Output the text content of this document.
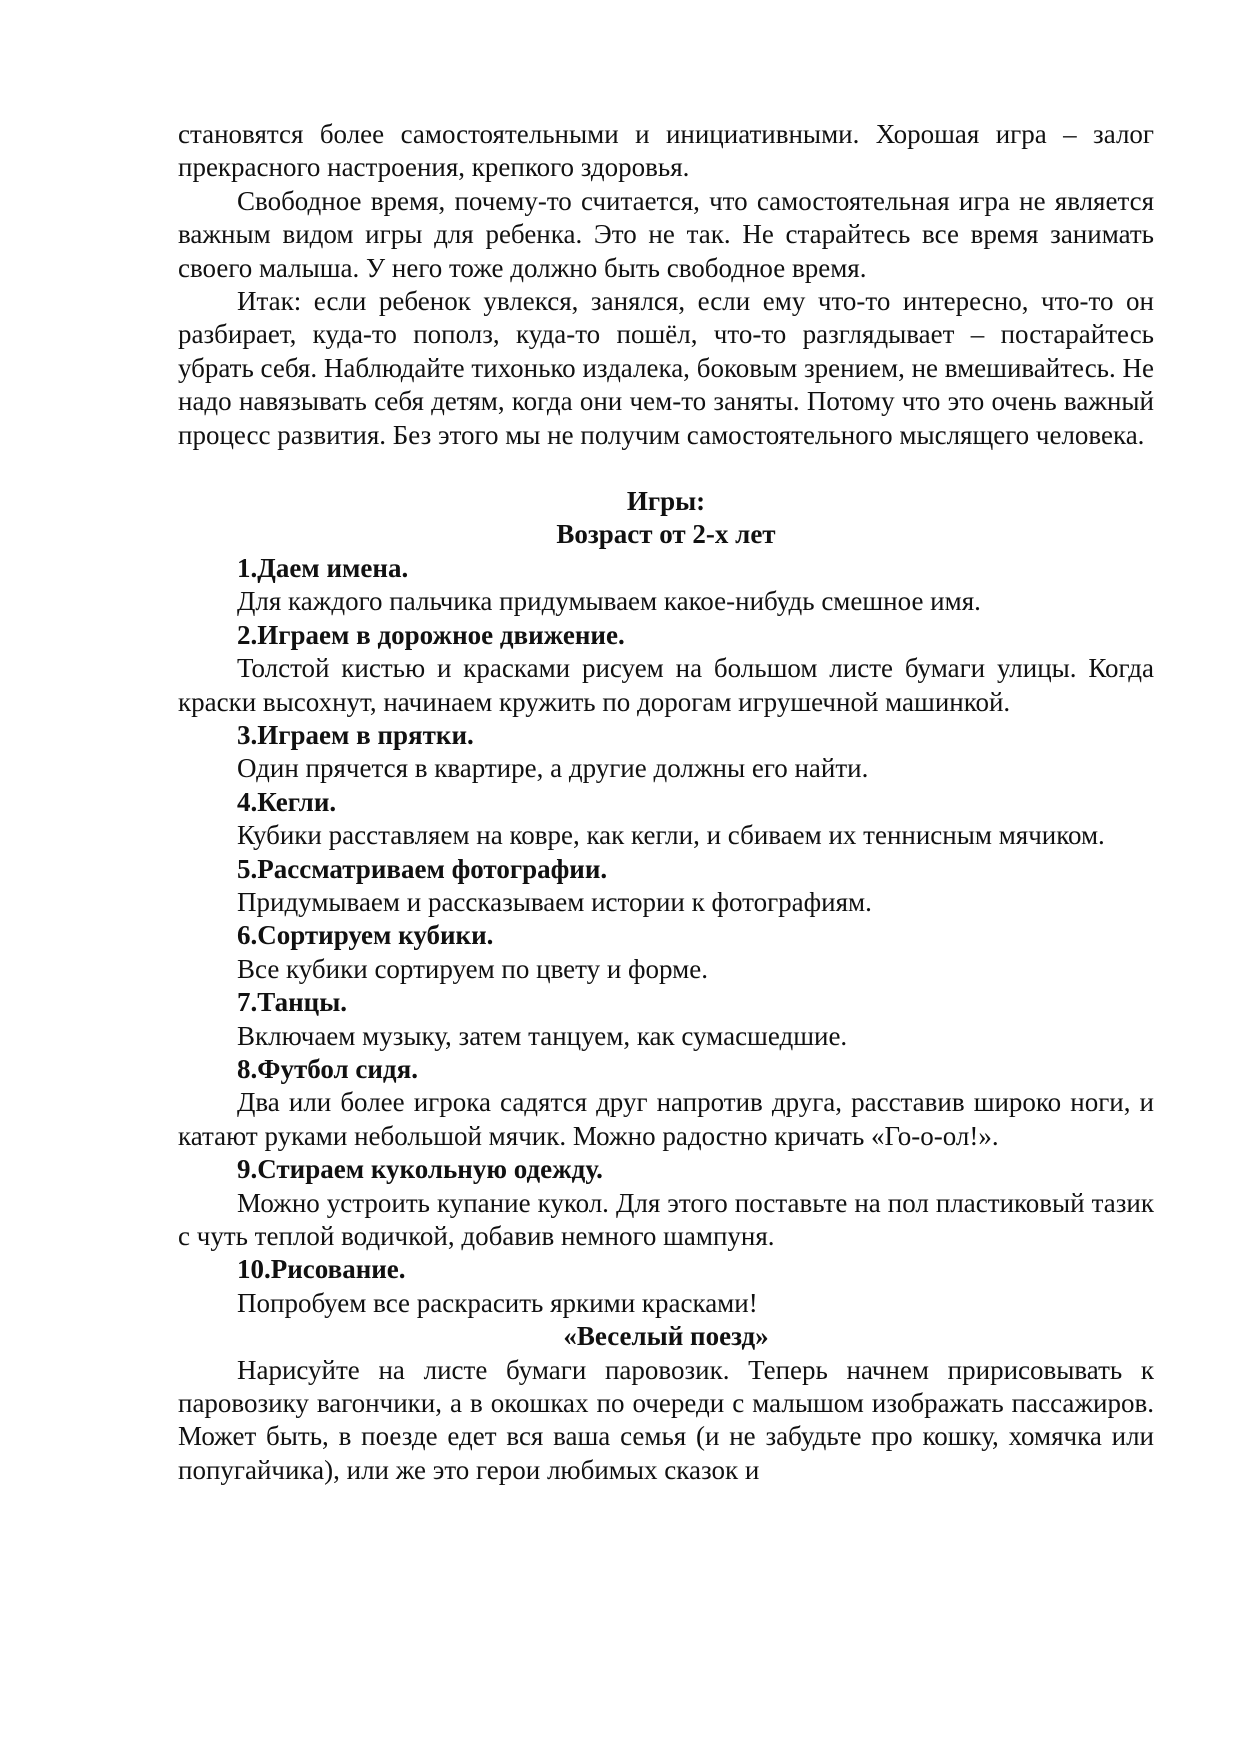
становятся более самостоятельными и инициативными. Хорошая игра – залог прекрасного настроения, крепкого здоровья.

Свободное время, почему-то считается, что самостоятельная игра не является важным видом игры для ребенка. Это не так. Не старайтесь все время занимать своего малыша. У него тоже должно быть свободное время.

Итак: если ребенок увлекся, занялся, если ему что-то интересно, что-то он разбирает, куда-то пополз, куда-то пошёл, что-то разглядывает – постарайтесь убрать себя. Наблюдайте тихонько издалека, боковым зрением, не вмешивайтесь. Не надо навязывать себя детям, когда они чем-то заняты. Потому что это очень важный процесс развития. Без этого мы не получим самостоятельного мыслящего человека.

Игры:

Возраст от 2-х лет

1.Даем имена.

Для каждого пальчика придумываем какое-нибудь смешное имя.

2.Играем в дорожное движение.

Толстой кистью и красками рисуем на большом листе бумаги улицы. Когда краски высохнут, начинаем кружить по дорогам игрушечной машинкой.

3.Играем в прятки.

Один прячется в квартире, а другие должны его найти.

4.Кегли.

Кубики расставляем на ковре, как кегли, и сбиваем их теннисным мячиком.

5.Рассматриваем фотографии.

Придумываем и рассказываем истории к фотографиям.

6.Сортируем кубики.

Все кубики сортируем по цвету и форме.

7.Танцы.

Включаем музыку, затем танцуем, как сумасшедшие.

8.Футбол сидя.

Два или более игрока садятся друг напротив друга, расставив широко ноги, и катают руками небольшой мячик. Можно радостно кричать «Го-о-ол!».

9.Стираем кукольную одежду.

Можно устроить купание кукол. Для этого поставьте на пол пластиковый тазик с чуть теплой водичкой, добавив немного шампуня.

10.Рисование.

Попробуем все раскрасить яркими красками!

«Веселый поезд»

Нарисуйте на листе бумаги паровозик. Теперь начнем пририсовывать к паровозику вагончики, а в окошках по очереди с малышом изображать пассажиров. Может быть, в поезде едет вся ваша семья (и не забудьте про кошку, хомячка или попугайчика), или же это герои любимых сказок и
